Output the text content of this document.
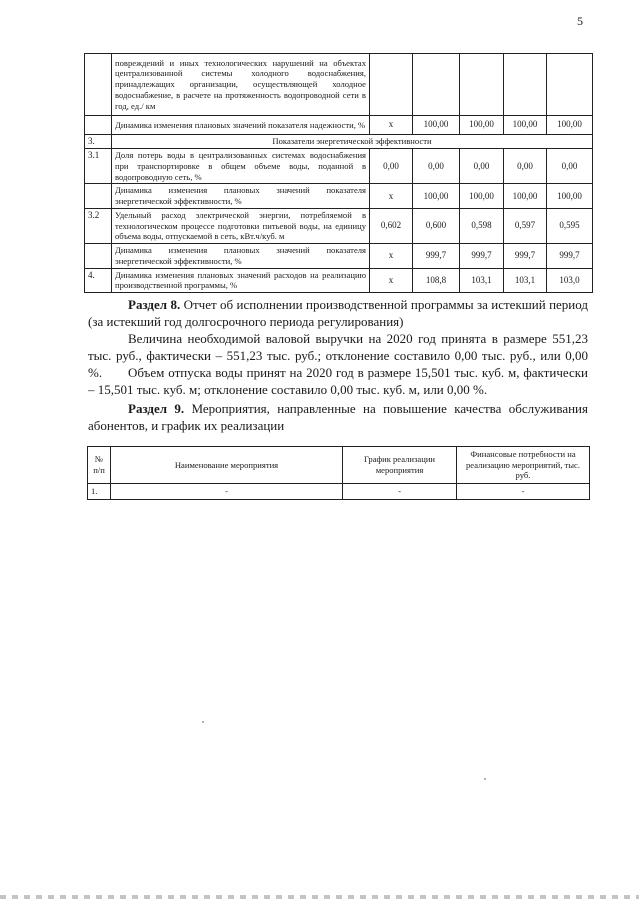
5
	повреждений и иных технологических нарушений на объектах централизованной системы холодного водоснабжения, принадлежащих организации, осуществляющей холодное водоснабжение, в расчете на протяженность водопроводной сети в год, ед./ км					
	Динамика изменения плановых значений показателя надежности, %	х	100,00	100,00	100,00	100,00
3.	Показатели энергетической эффективности					
3.1	Доля потерь воды в централизованных системах водоснабжения при транспортировке в общем объеме воды, поданной в водопроводную сеть, %	0,00	0,00	0,00	0,00	0,00
	Динамика изменения плановых значений показателя энергетической эффективности, %	х	100,00	100,00	100,00	100,00
3.2	Удельный расход электрической энергии, потребляемой в технологическом процессе подготовки питьевой воды, на единицу объема воды, отпускаемой в сеть, кВт.ч/куб. м	0,602	0,600	0,598	0,597	0,595
	Динамика изменения плановых значений показателя энергетической эффективности, %	х	999,7	999,7	999,7	999,7
4.	Динамика изменения плановых значений расходов на реализацию производственной программы, %	х	108,8	103,1	103,1	103,0

Раздел 8. Отчет об исполнении производственной программы за истекший период (за истекший год долгосрочного периода регулирования)

Величина необходимой валовой выручки на 2020 год принята в размере 551,23 тыс. руб., фактически – 551,23 тыс. руб.; отклонение составило 0,00 тыс. руб., или 0,00 %.	Объем отпуска воды принят на 2020 год в размере 15,501 тыс. куб. м, фактически – 15,501 тыс. куб. м; отклонение составило 0,00 тыс. куб. м, или 0,00 %.

Раздел 9. Мероприятия, направленные на повышение качества обслуживания абонентов, и график их реализации

№ п/п	Наименование мероприятия	График реализации мероприятия	Финансовые потребности на реализацию мероприятий, тыс. руб.
1.	-	-	-
